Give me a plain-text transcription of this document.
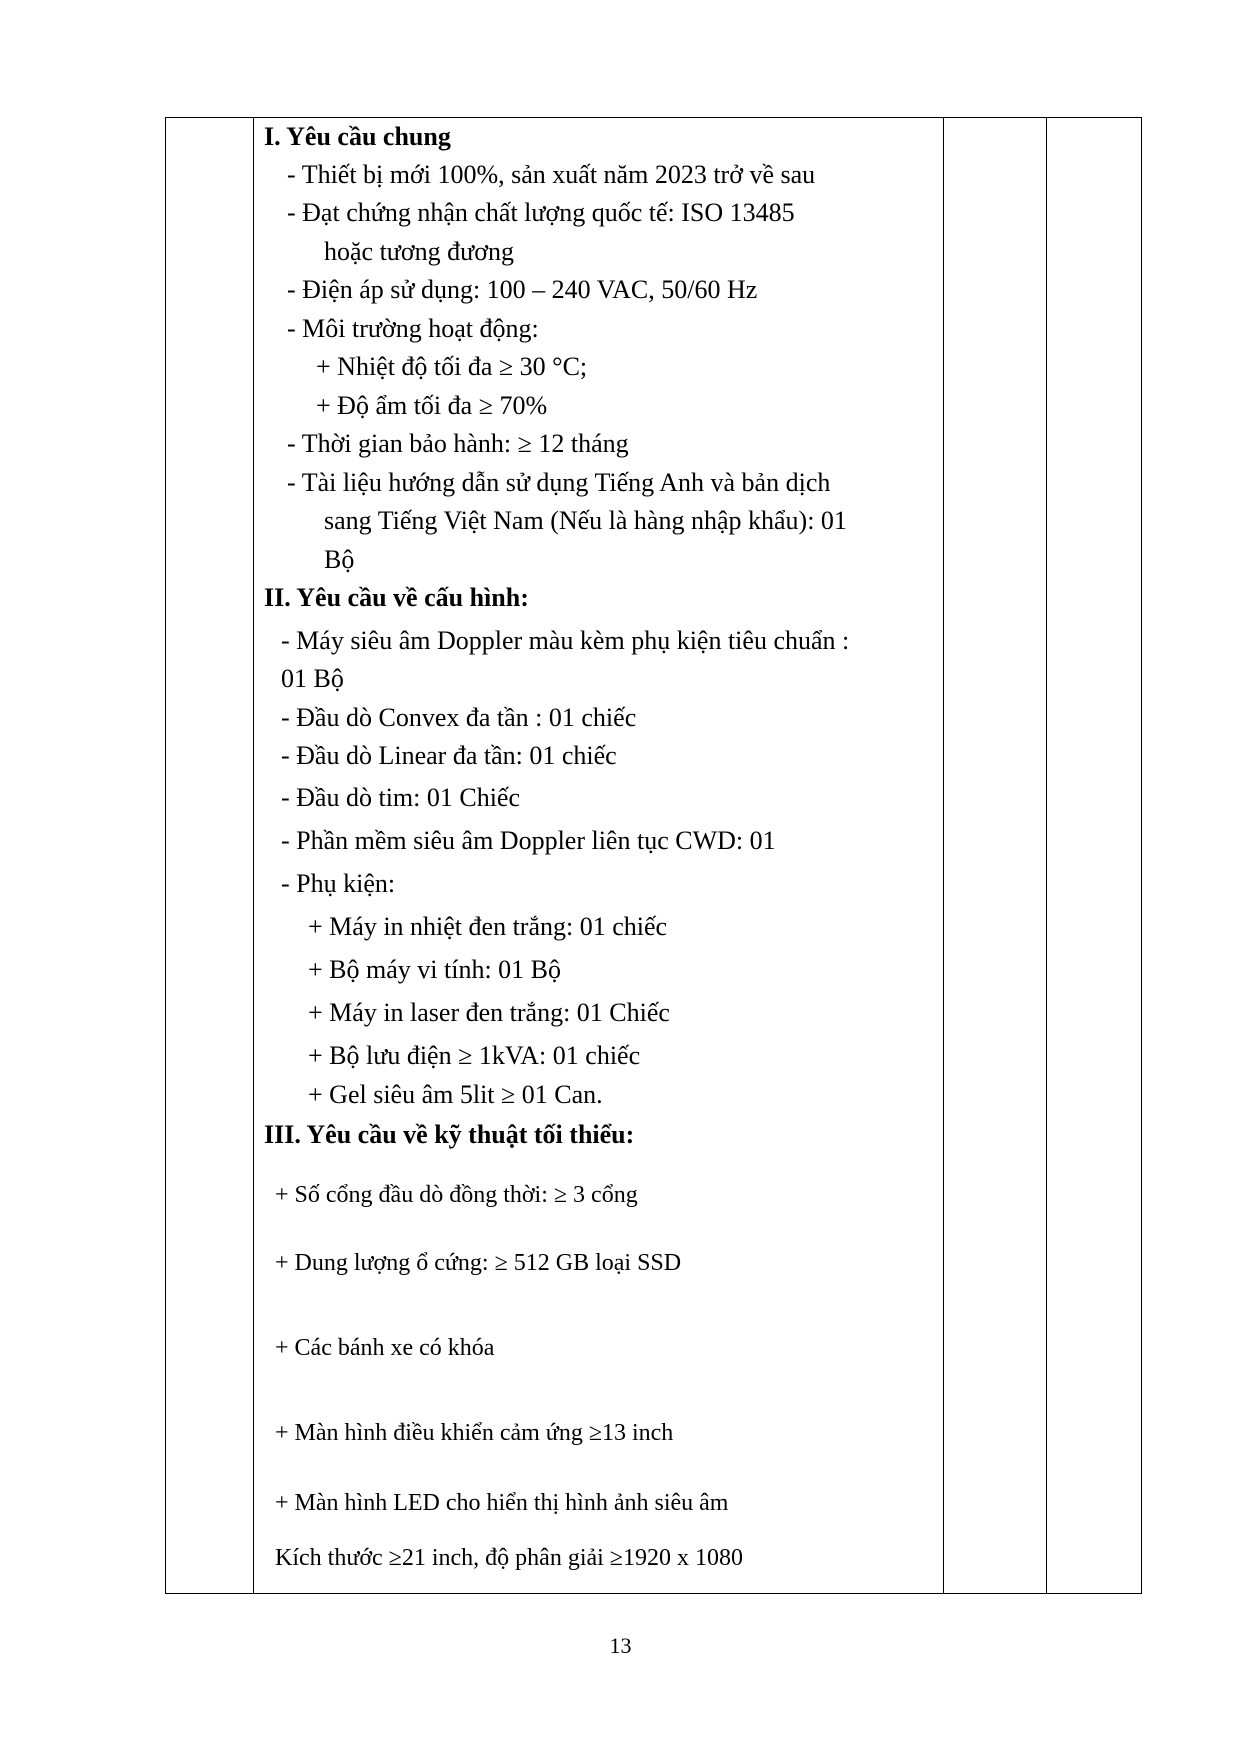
I. Yêu cầu chung
- Thiết bị mới 100%, sản xuất năm 2023 trở về sau
- Đạt chứng nhận chất lượng quốc tế: ISO 13485
hoặc tương đương
- Điện áp sử dụng: 100 – 240 VAC, 50/60 Hz
- Môi trường hoạt động:
+ Nhiệt độ tối đa ≥ 30 °C;
+ Độ ẩm tối đa ≥ 70%
- Thời gian bảo hành: ≥ 12 tháng
- Tài liệu hướng dẫn sử dụng Tiếng Anh và bản dịch
sang Tiếng Việt Nam (Nếu là hàng nhập khẩu): 01
Bộ
II. Yêu cầu về cấu hình:
- Máy siêu âm Doppler màu kèm phụ kiện tiêu chuẩn :
01 Bộ
- Đầu dò Convex đa tần : 01 chiếc
- Đầu dò Linear đa tần: 01 chiếc
- Đầu dò tim: 01 Chiếc
- Phần mềm siêu âm Doppler liên tục CWD: 01
- Phụ kiện:
+ Máy in nhiệt đen trắng: 01 chiếc
+ Bộ máy vi tính: 01 Bộ
+ Máy in laser đen trắng: 01 Chiếc
+ Bộ lưu điện ≥ 1kVA: 01 chiếc
+ Gel siêu âm 5lit ≥ 01 Can.
III. Yêu cầu về kỹ thuật tối thiểu:
+ Số cổng đầu dò đồng thời: ≥ 3 cổng
+ Dung lượng ổ cứng: ≥ 512 GB loại SSD
+ Các bánh xe có khóa
+ Màn hình điều khiển cảm ứng ≥13 inch
+ Màn hình LED cho hiển thị hình ảnh siêu âm
Kích thước ≥21 inch, độ phân giải ≥1920 x 1080
13
